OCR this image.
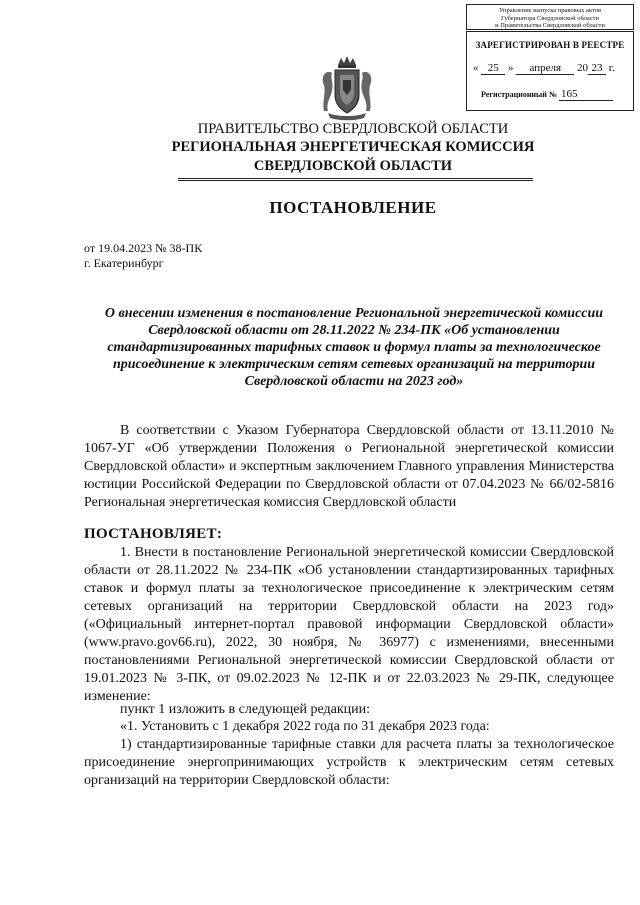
Управление выпуска правовых актов
Губернатора Свердловской области
и Правительства Свердловской области
ЗАРЕГИСТРИРОВАН В РЕЕСТРЕ
« 25 » апреля 20 23 г.
Регистрационный № 165
ПРАВИТЕЛЬСТВО СВЕРДЛОВСКОЙ ОБЛАСТИ
РЕГИОНАЛЬНАЯ ЭНЕРГЕТИЧЕСКАЯ КОМИССИЯ
СВЕРДЛОВСКОЙ ОБЛАСТИ
ПОСТАНОВЛЕНИЕ
от 19.04.2023 № 38-ПК
г. Екатеринбург
О внесении изменения в постановление Региональной энергетической комиссии Свердловской области от 28.11.2022 № 234-ПК «Об установлении стандартизированных тарифных ставок и формул платы за технологическое присоединение к электрическим сетям сетевых организаций на территории Свердловской области на 2023 год»
В соответствии с Указом Губернатора Свердловской области от 13.11.2010 № 1067-УГ «Об утверждении Положения о Региональной энергетической комиссии Свердловской области» и экспертным заключением Главного управления Министерства юстиции Российской Федерации по Свердловской области от 07.04.2023 № 66/02-5816 Региональная энергетическая комиссия Свердловской области
ПОСТАНОВЛЯЕТ:
1. Внести в постановление Региональной энергетической комиссии Свердловской области от 28.11.2022 № 234-ПК «Об установлении стандартизированных тарифных ставок и формул платы за технологическое присоединение к электрическим сетям сетевых организаций на территории Свердловской области на 2023 год» («Официальный интернет-портал правовой информации Свердловской области» (www.pravo.gov66.ru), 2022, 30 ноября, № 36977) с изменениями, внесенными постановлениями Региональной энергетической комиссии Свердловской области от 19.01.2023 № 3-ПК, от 09.02.2023 № 12-ПК и от 22.03.2023 № 29-ПК, следующее изменение:
пункт 1 изложить в следующей редакции:
«1. Установить с 1 декабря 2022 года по 31 декабря 2023 года:
1) стандартизированные тарифные ставки для расчета платы за технологическое присоединение энергопринимающих устройств к электрическим сетям сетевых организаций на территории Свердловской области:
